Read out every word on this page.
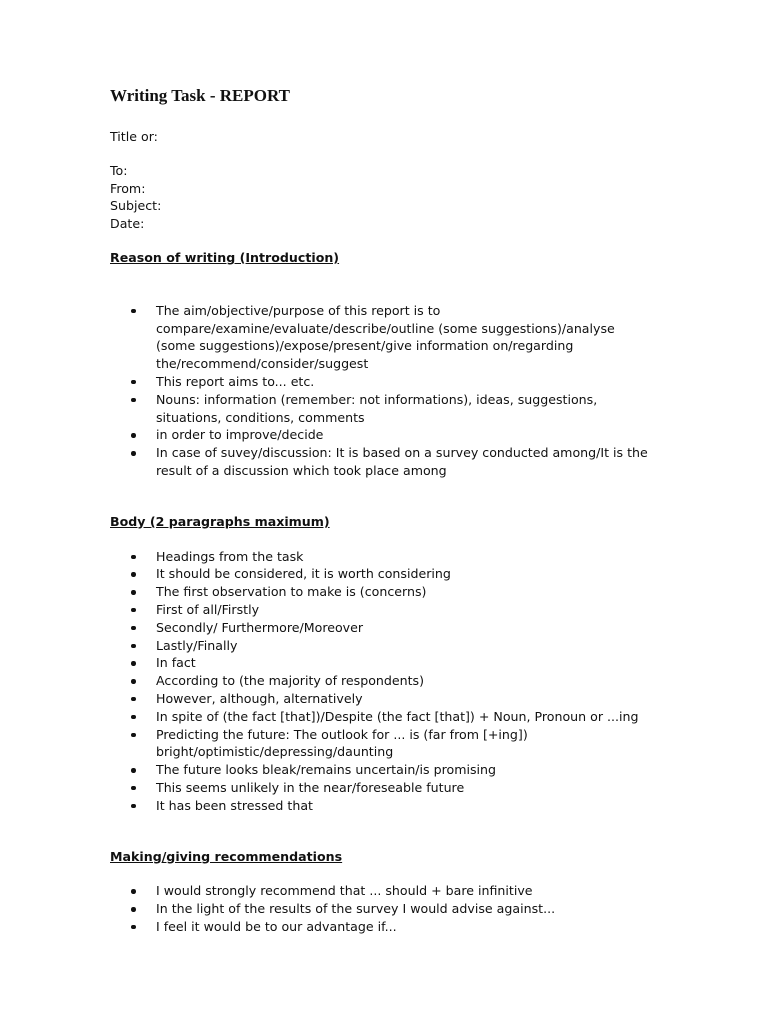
Writing Task - REPORT

Title or:

To:

From:

Subject:

Date:

Reason of writing (Introduction)

The aim/objective/purpose of this report is to compare/examine/evaluate/describe/outline (some suggestions)/analyse (some suggestions)/expose/present/give information on/regarding the/recommend/consider/suggest
This report aims to... etc.
Nouns: information (remember: not informations), ideas, suggestions, situations, conditions, comments
in order to improve/decide
In case of suvey/discussion: It is based on a survey conducted among/It is the result of a discussion which took place among

Body (2 paragraphs maximum)

Headings from the task
It should be considered, it is worth considering
The first observation to make is (concerns)
First of all/Firstly
Secondly/ Furthermore/Moreover
Lastly/Finally
In fact
According to (the majority of respondents)
However, although, alternatively
In spite of (the fact [that])/Despite (the fact [that]) + Noun, Pronoun or ...ing
Predicting the future: The outlook for ... is (far from [+ing]) bright/optimistic/depressing/daunting
The future looks bleak/remains uncertain/is promising
This seems unlikely in the near/foreseable future
It has been stressed that

Making/giving recommendations

I would strongly recommend that ... should + bare infinitive
In the light of the results of the survey I would advise against...
I feel it would be to our advantage if...
